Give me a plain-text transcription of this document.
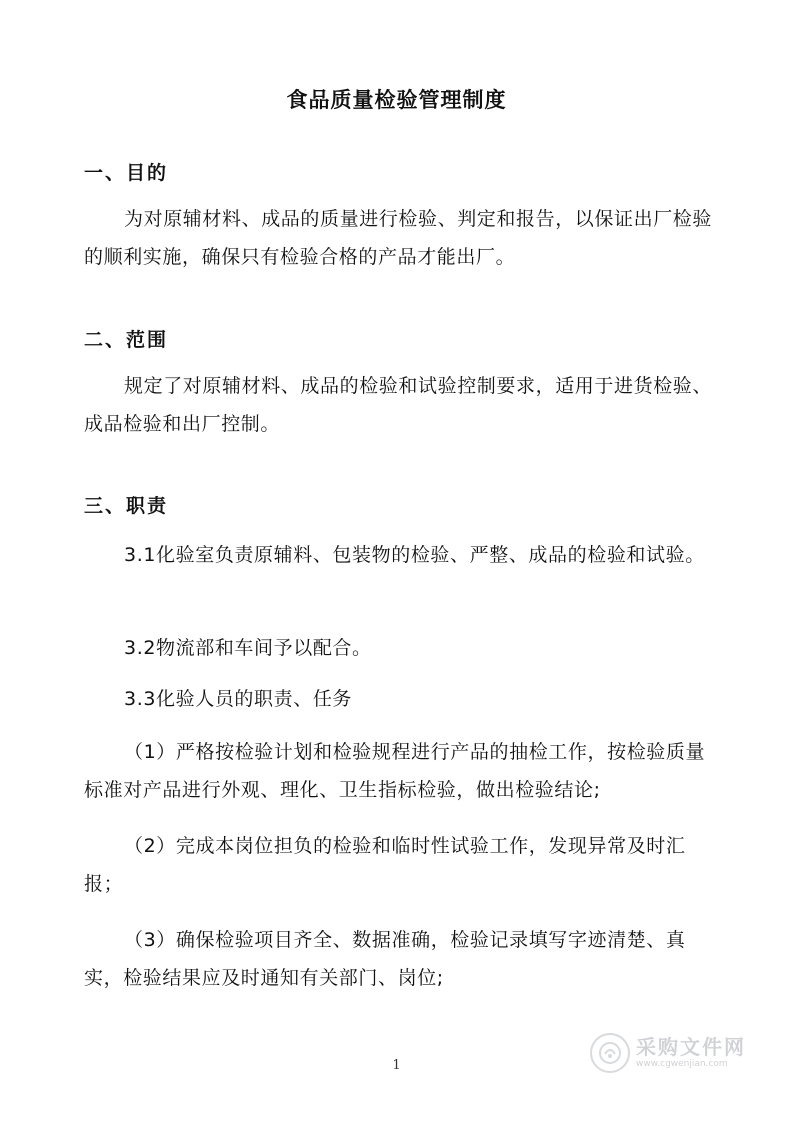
食品质量检验管理制度
一、目的
为对原辅材料、成品的质量进行检验、判定和报告，以保证出厂检验的顺利实施，确保只有检验合格的产品才能出厂。
二、范围
规定了对原辅材料、成品的检验和试验控制要求，适用于进货检验、成品检验和出厂控制。
三、职责
3.1化验室负责原辅料、包装物的检验、严整、成品的检验和试验。
3.2物流部和车间予以配合。
3.3化验人员的职责、任务
（1）严格按检验计划和检验规程进行产品的抽检工作，按检验质量标准对产品进行外观、理化、卫生指标检验，做出检验结论;
（2）完成本岗位担负的检验和临时性试验工作，发现异常及时汇报；
（3）确保检验项目齐全、数据准确，检验记录填写字迹清楚、真实，检验结果应及时通知有关部门、岗位;
1
采购文件网
www.cgwenjian.com
